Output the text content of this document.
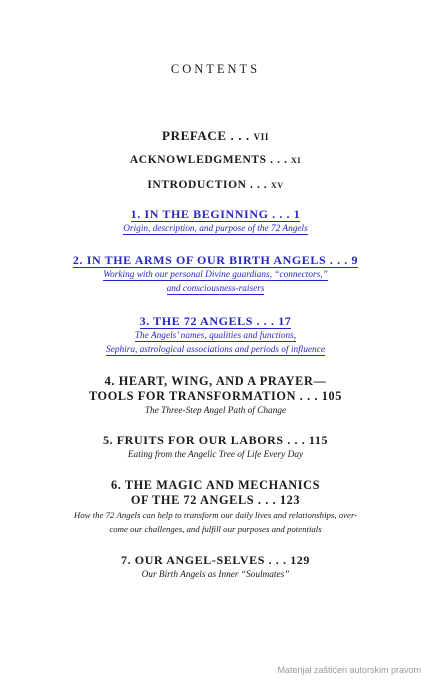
CONTENTS
PREFACE . . . vii
ACKNOWLEDGMENTS . . . xi
INTRODUCTION . . . xv
1. IN THE BEGINNING . . . 1
Origin, description, and purpose of the 72 Angels
2. IN THE ARMS OF OUR BIRTH ANGELS . . . 9
Working with our personal Divine guardians, “connectors,”
and consciousness-raisers
3. THE 72 ANGELS . . . 17
The Angels’ names, qualities and functions,
Sephira, astrological associations and periods of influence
4. HEART, WING, AND A PRAYER—
TOOLS FOR TRANSFORMATION . . . 105
The Three-Step Angel Path of Change
5. FRUITS FOR OUR LABORS . . . 115
Eating from the Angelic Tree of Life Every Day
6. THE MAGIC AND MECHANICS
OF THE 72 ANGELS . . . 123
How the 72 Angels can help to transform our daily lives and relationships, over-
come our challenges, and fulfill our purposes and potentials
7. OUR ANGEL-SELVES . . . 129
Our Birth Angels as Inner “Soulmates”
Materijal zaštićen autorskim pravom
